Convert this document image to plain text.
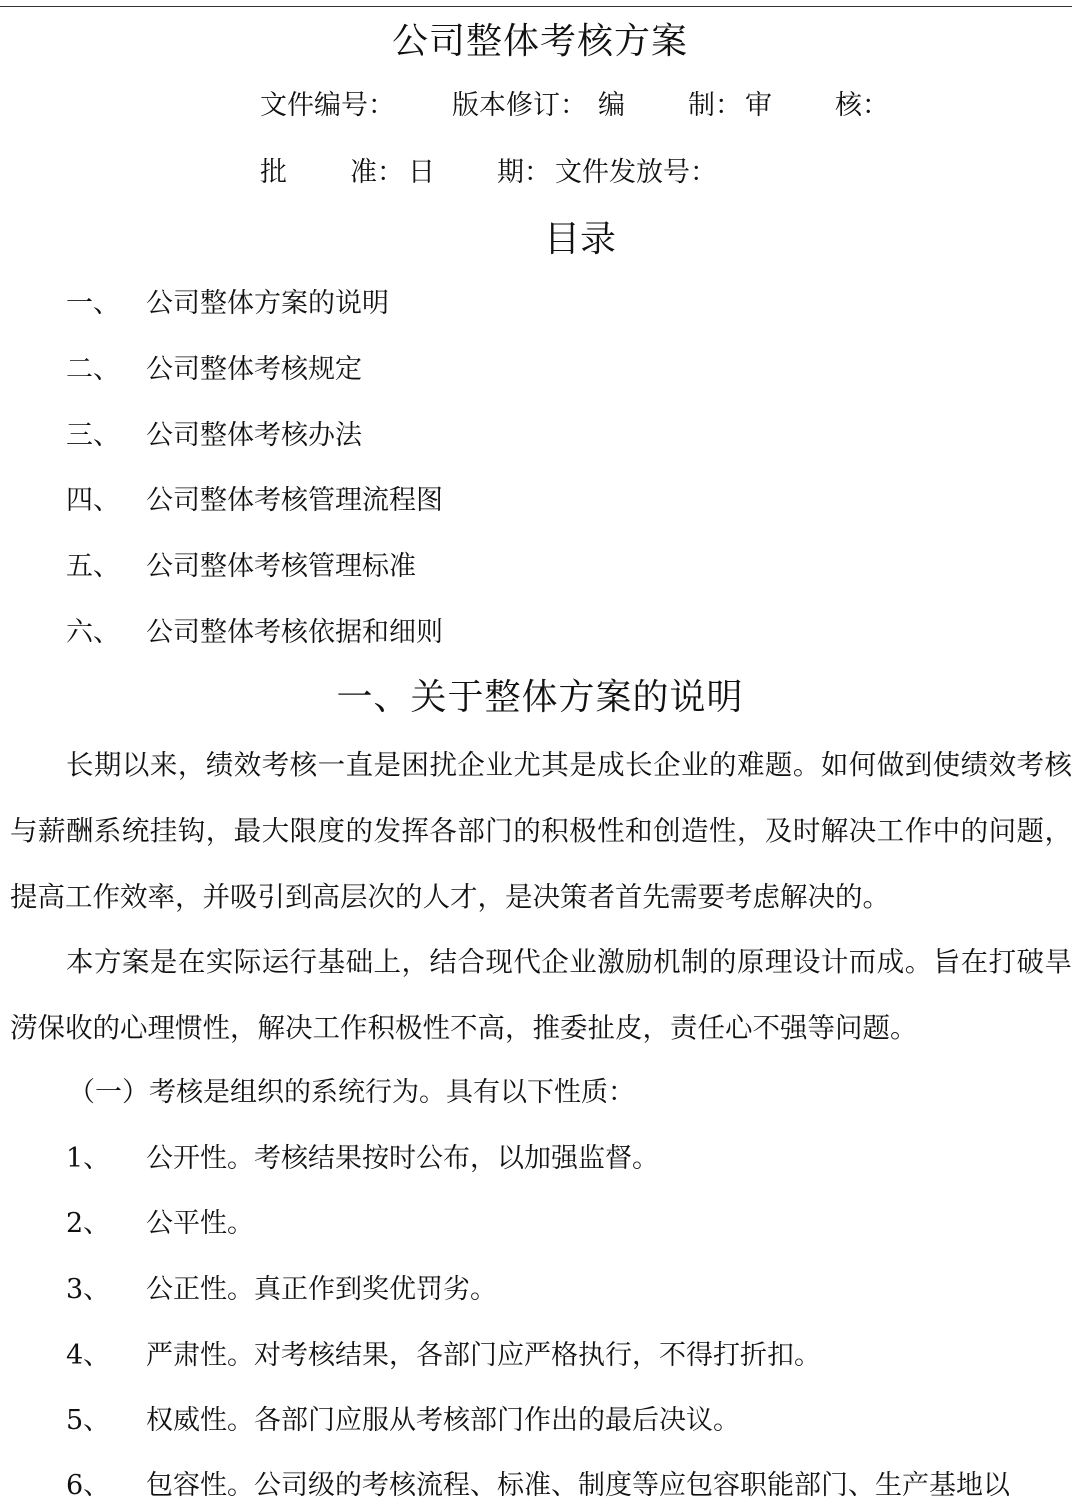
公司整体考核方案
文件编号： 版本修订： 编 制： 审 核：
批 准： 日 期： 文件发放号：
目录
一、 公司整体方案的说明
二、 公司整体考核规定
三、 公司整体考核办法
四、 公司整体考核管理流程图
五、 公司整体考核管理标准
六、 公司整体考核依据和细则
一、关于整体方案的说明
长期以来，绩效考核一直是困扰企业尤其是成长企业的难题。如何做到使绩效考核与薪酬系统挂钩，最大限度的发挥各部门的积极性和创造性，及时解决工作中的问题，提高工作效率，并吸引到高层次的人才，是决策者首先需要考虑解决的。
本方案是在实际运行基础上，结合现代企业激励机制的原理设计而成。旨在打破旱涝保收的心理惯性，解决工作积极性不高，推委扯皮，责任心不强等问题。
（一）考核是组织的系统行为。具有以下性质：
1、 公开性。考核结果按时公布，以加强监督。
2、 公平性。
3、 公正性。真正作到奖优罚劣。
4、 严肃性。对考核结果，各部门应严格执行，不得打折扣。
5、 权威性。各部门应服从考核部门作出的最后决议。
6、 包容性。公司级的考核流程、标准、制度等应包容职能部门、生产基地以
